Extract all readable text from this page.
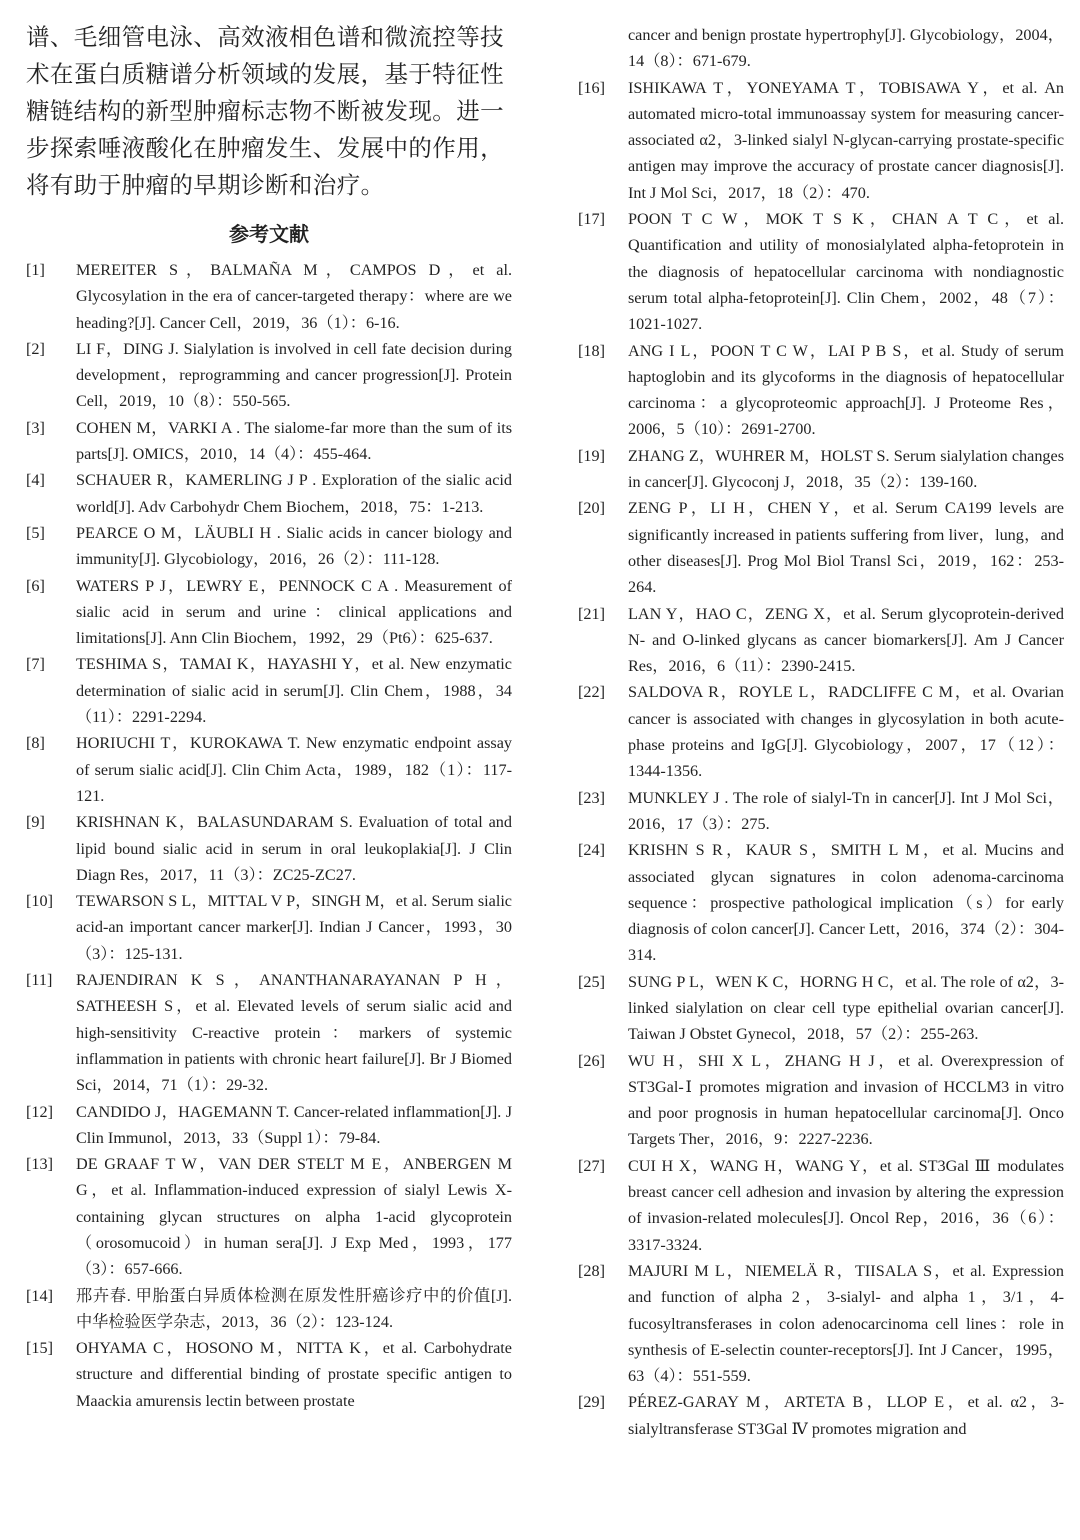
谱、毛细管电泳、高效液相色谱和微流控等技术在蛋白质糖谱分析领域的发展，基于特征性糖链结构的新型肿瘤标志物不断被发现。进一步探索唾液酸化在肿瘤发生、发展中的作用，将有助于肿瘤的早期诊断和治疗。

参考文献
[1] MEREITER S，BALMAÑA M，CAMPOS D，et al. Glycosylation in the era of cancer-targeted therapy：where are we heading?[J]. Cancer Cell，2019，36（1）：6-16.
[2] LI F，DING J. Sialylation is involved in cell fate decision during development，reprogramming and cancer progression[J]. Protein Cell，2019，10（8）：550-565.
[3] COHEN M，VARKI A . The sialome-far more than the sum of its parts[J]. OMICS，2010，14（4）：455-464.
[4] SCHAUER R，KAMERLING J P . Exploration of the sialic acid world[J]. Adv Carbohydr Chem Biochem，2018，75：1-213.
[5] PEARCE O M，LÄUBLI H . Sialic acids in cancer biology and immunity[J]. Glycobiology，2016，26（2）：111-128.
[6] WATERS P J，LEWRY E，PENNOCK C A . Measurement of sialic acid in serum and urine：clinical applications and limitations[J]. Ann Clin Biochem，1992，29（Pt6）：625-637.
[7] TESHIMA S，TAMAI K，HAYASHI Y，et al. New enzymatic determination of sialic acid in serum[J]. Clin Chem，1988，34（11）：2291-2294.
[8] HORIUCHI T，KUROKAWA T. New enzymatic endpoint assay of serum sialic acid[J]. Clin Chim Acta，1989，182（1）：117-121.
[9] KRISHNAN K，BALASUNDARAM S. Evaluation of total and lipid bound sialic acid in serum in oral leukoplakia[J]. J Clin Diagn Res，2017，11（3）：ZC25-ZC27.
[10] TEWARSON S L，MITTAL V P，SINGH M，et al. Serum sialic acid-an important cancer marker[J]. Indian J Cancer，1993，30（3）：125-131.
[11] RAJENDIRAN K S，ANANTHANARAYANAN P H，SATHEESH S，et al. Elevated levels of serum sialic acid and high-sensitivity C-reactive protein：markers of systemic inflammation in patients with chronic heart failure[J]. Br J Biomed Sci，2014，71（1）：29-32.
[12] CANDIDO J，HAGEMANN T. Cancer-related inflammation[J]. J Clin Immunol，2013，33（Suppl 1）：79-84.
[13] DE GRAAF T W，VAN DER STELT M E，ANBERGEN M G，et al. Inflammation-induced expression of sialyl Lewis X-containing glycan structures on alpha 1-acid glycoprotein（orosomucoid）in human sera[J]. J Exp Med，1993，177（3）：657-666.
[14] 邢卉春. 甲胎蛋白异质体检测在原发性肝癌诊疗中的价值[J]. 中华检验医学杂志，2013，36（2）：123-124.
[15] OHYAMA C，HOSONO M，NITTA K，et al. Carbohydrate structure and differential binding of prostate specific antigen to Maackia amurensis lectin between prostate
cancer and benign prostate hypertrophy[J]. Glycobiology，2004，14（8）：671-679.
[16] ISHIKAWA T，YONEYAMA T，TOBISAWA Y，et al. An automated micro-total immunoassay system for measuring cancer-associated α2，3-linked sialyl N-glycan-carrying prostate-specific antigen may improve the accuracy of prostate cancer diagnosis[J]. Int J Mol Sci，2017，18（2）：470.
[17] POON T C W，MOK T S K，CHAN A T C，et al. Quantification and utility of monosialylated alpha-fetoprotein in the diagnosis of hepatocellular carcinoma with nondiagnostic serum total alpha-fetoprotein[J]. Clin Chem，2002，48（7）：1021-1027.
[18] ANG I L，POON T C W，LAI P B S，et al. Study of serum haptoglobin and its glycoforms in the diagnosis of hepatocellular carcinoma：a glycoproteomic approach[J]. J Proteome Res，2006，5（10）：2691-2700.
[19] ZHANG Z，WUHRER M，HOLST S. Serum sialylation changes in cancer[J]. Glycoconj J，2018，35（2）：139-160.
[20] ZENG P，LI H，CHEN Y，et al. Serum CA199 levels are significantly increased in patients suffering from liver，lung，and other diseases[J]. Prog Mol Biol Transl Sci，2019，162：253-264.
[21] LAN Y，HAO C，ZENG X，et al. Serum glycoprotein-derived N- and O-linked glycans as cancer biomarkers[J]. Am J Cancer Res，2016，6（11）：2390-2415.
[22] SALDOVA R，ROYLE L，RADCLIFFE C M，et al. Ovarian cancer is associated with changes in glycosylation in both acute-phase proteins and IgG[J]. Glycobiology，2007，17（12）：1344-1356.
[23] MUNKLEY J . The role of sialyl-Tn in cancer[J]. Int J Mol Sci，2016，17（3）：275.
[24] KRISHN S R，KAUR S，SMITH L M，et al. Mucins and associated glycan signatures in colon adenoma-carcinoma sequence：prospective pathological implication（s）for early diagnosis of colon cancer[J]. Cancer Lett，2016，374（2）：304-314.
[25] SUNG P L，WEN K C，HORNG H C，et al. The role of α2，3-linked sialylation on clear cell type epithelial ovarian cancer[J]. Taiwan J Obstet Gynecol，2018，57（2）：255-263.
[26] WU H，SHI X L，ZHANG H J，et al. Overexpression of ST3Gal-Ⅰ promotes migration and invasion of HCCLM3 in vitro and poor prognosis in human hepatocellular carcinoma[J]. Onco Targets Ther，2016，9：2227-2236.
[27] CUI H X，WANG H，WANG Y，et al. ST3Gal Ⅲ modulates breast cancer cell adhesion and invasion by altering the expression of invasion-related molecules[J]. Oncol Rep，2016，36（6）：3317-3324.
[28] MAJURI M L，NIEMELÄ R，TIISALA S，et al. Expression and function of alpha 2，3-sialyl- and alpha 1，3/1，4-fucosyltransferases in colon adenocarcinoma cell lines：role in synthesis of E-selectin counter-receptors[J]. Int J Cancer，1995，63（4）：551-559.
[29] PÉREZ-GARAY M，ARTETA B，LLOP E，et al. α2，3-sialyltransferase ST3Gal Ⅳ promotes migration and
